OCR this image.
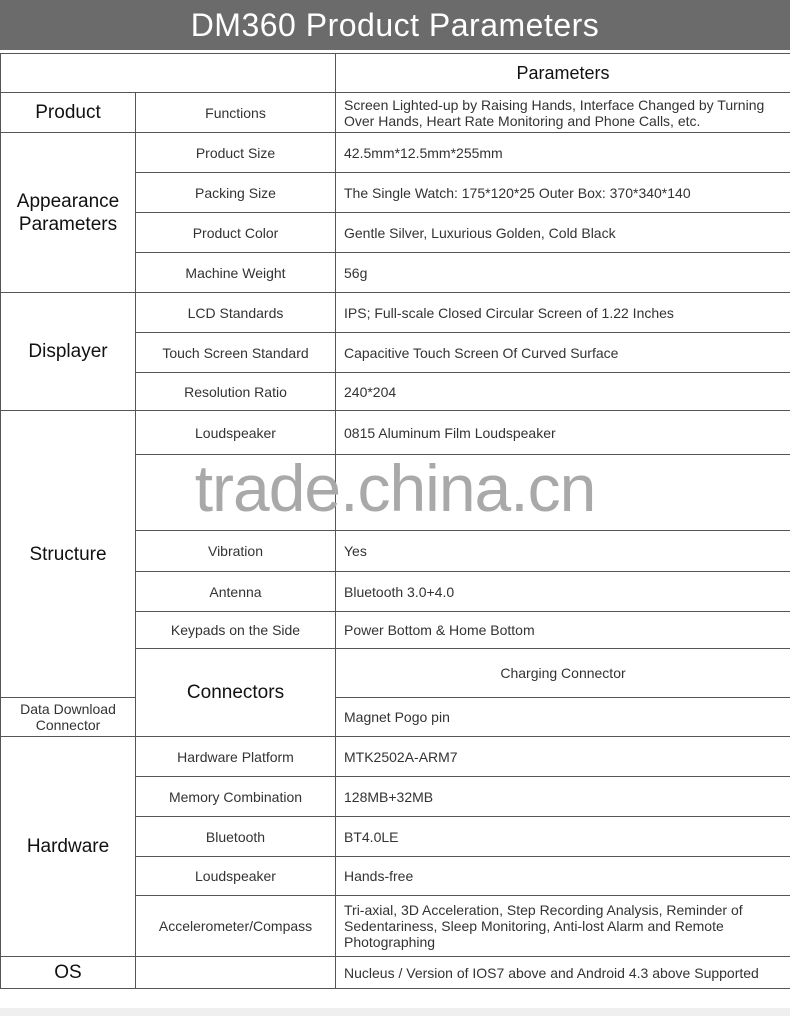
DM360 Product Parameters
		Parameters	
Product	Functions	Screen Lighted-up by Raising Hands, Interface Changed by Turning Over Hands, Heart Rate Monitoring and Phone Calls, etc.	
Appearance Parameters	Product Size	42.5mm*12.5mm*255mm	
	Packing Size	The Single Watch: 175*120*25 Outer Box: 370*340*140	
	Product Color	Gentle Silver, Luxurious Golden, Cold Black	
	Machine Weight	56g	
Displayer	LCD Standards	IPS; Full-scale Closed Circular Screen of 1.22 Inches	
	Touch Screen Standard	Capacitive Touch Screen Of Curved Surface	
	Resolution Ratio	240*204	
Structure	Loudspeaker	0815 Aluminum Film Loudspeaker	

	Vibration	Yes	
	Antenna	Bluetooth 3.0+4.0	
	Keypads on the Side	Power Bottom & Home Bottom	
	Connectors	Charging Connector	
Data Download Connector		Magnet Pogo pin	
Hardware	Hardware Platform	MTK2502A-ARM7	
	Memory Combination	128MB+32MB	
	Bluetooth	BT4.0LE	
	Loudspeaker	Hands-free	
	Accelerometer/Compass	Tri-axial, 3D Acceleration, Step Recording Analysis, Reminder of Sedentariness, Sleep Monitoring, Anti-lost Alarm and Remote Photographing	
OS		Nucleus / Version of IOS7 above and Android 4.3 above Supported	
trade.china.cn
